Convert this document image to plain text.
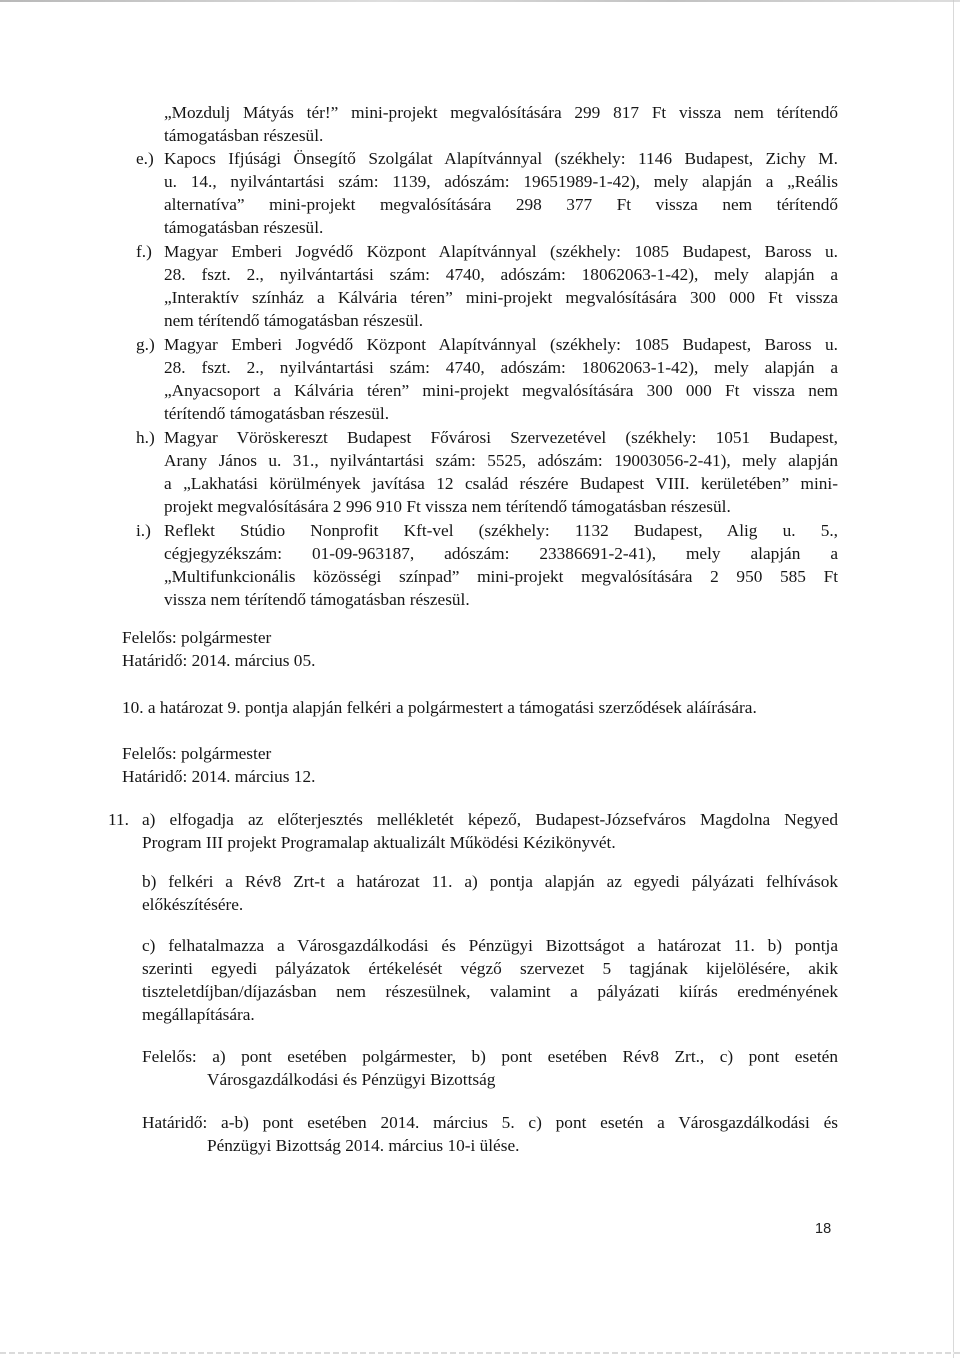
„Mozdulj Mátyás tér!” mini-projekt megvalósítására 299 817 Ft vissza nem térítendő
támogatásban részesül.
e.) Kapocs Ifjúsági Önsegítő Szolgálat Alapítvánnyal (székhely: 1146 Budapest, Zichy M.
u. 14., nyilvántartási szám: 1139, adószám: 19651989-1-42), mely alapján a „Reális
alternatíva” mini-projekt megvalósítására 298 377 Ft vissza nem térítendő
támogatásban részesül.
f.) Magyar Emberi Jogvédő Központ Alapítvánnyal (székhely: 1085 Budapest, Baross u.
28. fszt. 2., nyilvántartási szám: 4740, adószám: 18062063-1-42), mely alapján a
„Interaktív színház a Kálvária téren” mini-projekt megvalósítására 300 000 Ft vissza
nem térítendő támogatásban részesül.
g.) Magyar Emberi Jogvédő Központ Alapítvánnyal (székhely: 1085 Budapest, Baross u.
28. fszt. 2., nyilvántartási szám: 4740, adószám: 18062063-1-42), mely alapján a
„Anyacsoport a Kálvária téren” mini-projekt megvalósítására 300 000 Ft vissza nem
térítendő támogatásban részesül.
h.) Magyar Vöröskereszt Budapest Fővárosi Szervezetével (székhely: 1051 Budapest,
Arany János u. 31., nyilvántartási szám: 5525, adószám: 19003056-2-41), mely alapján
a „Lakhatási körülmények javítása 12 család részére Budapest VIII. kerületében” mini-
projekt megvalósítására 2 996 910 Ft vissza nem térítendő támogatásban részesül.
i.) Reflekt Stúdio Nonprofit Kft-vel (székhely: 1132 Budapest, Alig u. 5.,
cégjegyzékszám: 01-09-963187, adószám: 23386691-2-41), mely alapján a
„Multifunkcionális közösségi színpad” mini-projekt megvalósítására 2 950 585 Ft
vissza nem térítendő támogatásban részesül.
Felelős: polgármester
Határidő: 2014. március 05.
10. a határozat 9. pontja alapján felkéri a polgármestert a támogatási szerződések aláírására.
Felelős: polgármester
Határidő: 2014. március 12.
11. a) elfogadja az előterjesztés mellékletét képező, Budapest-Józsefváros Magdolna Negyed
Program III projekt Programalap aktualizált Működési Kézikönyvét.
b) felkéri a Rév8 Zrt-t a határozat 11. a) pontja alapján az egyedi pályázati felhívások
előkészítésére.
c) felhatalmazza a Városgazdálkodási és Pénzügyi Bizottságot a határozat 11. b) pontja
szerinti egyedi pályázatok értékelését végző szervezet 5 tagjának kijelölésére, akik
tiszteletdíjban/díjazásban nem részesülnek, valamint a pályázati kiírás eredményének
megállapítására.
Felelős: a) pont esetében polgármester, b) pont esetében Rév8 Zrt., c) pont esetén
Városgazdálkodási és Pénzügyi Bizottság
Határidő: a-b) pont esetében 2014. március 5. c) pont esetén a Városgazdálkodási és
Pénzügyi Bizottság 2014. március 10-i ülése.
18
